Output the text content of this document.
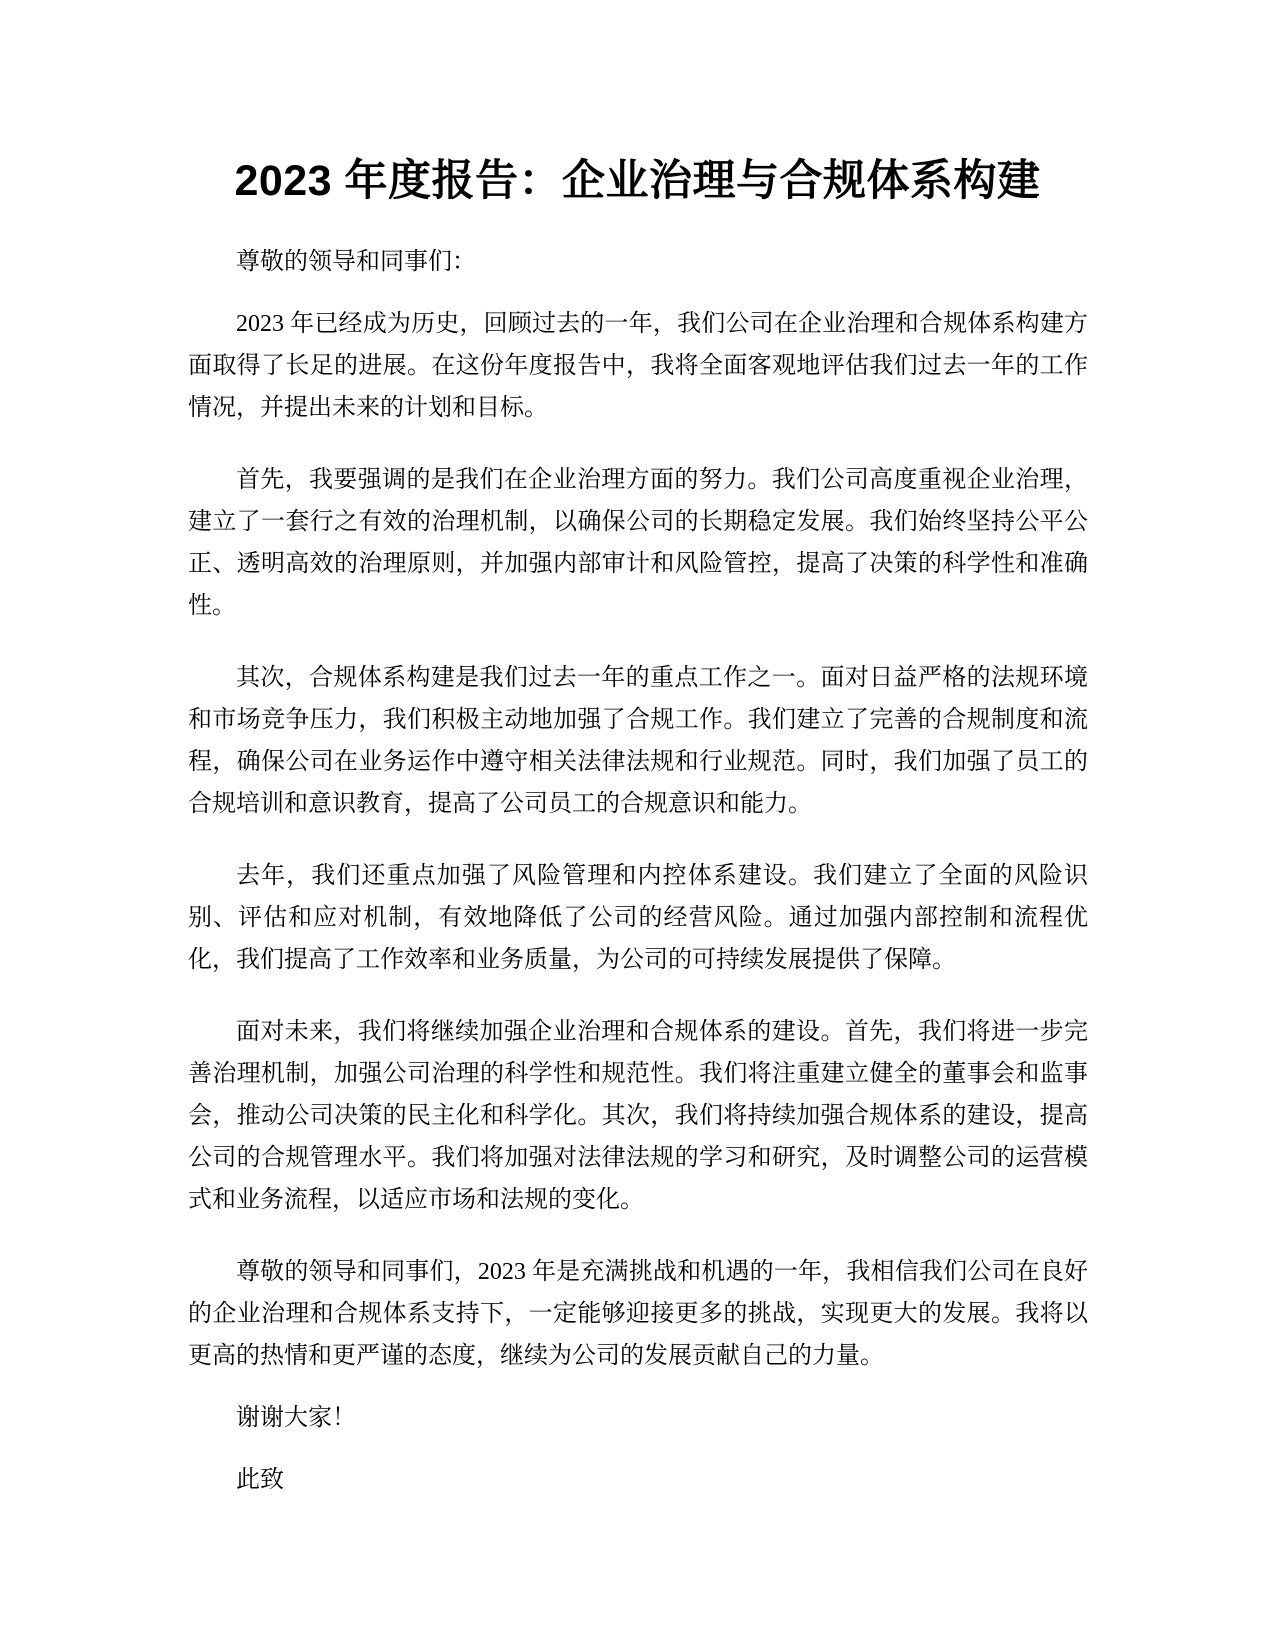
2023 年度报告：企业治理与合规体系构建

尊敬的领导和同事们：

2023 年已经成为历史，回顾过去的一年，我们公司在企业治理和合规体系构建方面取得了长足的进展。在这份年度报告中，我将全面客观地评估我们过去一年的工作情况，并提出未来的计划和目标。

首先，我要强调的是我们在企业治理方面的努力。我们公司高度重视企业治理，建立了一套行之有效的治理机制，以确保公司的长期稳定发展。我们始终坚持公平公正、透明高效的治理原则，并加强内部审计和风险管控，提高了决策的科学性和准确性。

其次，合规体系构建是我们过去一年的重点工作之一。面对日益严格的法规环境和市场竞争压力，我们积极主动地加强了合规工作。我们建立了完善的合规制度和流程，确保公司在业务运作中遵守相关法律法规和行业规范。同时，我们加强了员工的合规培训和意识教育，提高了公司员工的合规意识和能力。

去年，我们还重点加强了风险管理和内控体系建设。我们建立了全面的风险识别、评估和应对机制，有效地降低了公司的经营风险。通过加强内部控制和流程优化，我们提高了工作效率和业务质量，为公司的可持续发展提供了保障。

面对未来，我们将继续加强企业治理和合规体系的建设。首先，我们将进一步完善治理机制，加强公司治理的科学性和规范性。我们将注重建立健全的董事会和监事会，推动公司决策的民主化和科学化。其次，我们将持续加强合规体系的建设，提高公司的合规管理水平。我们将加强对法律法规的学习和研究，及时调整公司的运营模式和业务流程，以适应市场和法规的变化。

尊敬的领导和同事们，2023 年是充满挑战和机遇的一年，我相信我们公司在良好的企业治理和合规体系支持下，一定能够迎接更多的挑战，实现更大的发展。我将以更高的热情和更严谨的态度，继续为公司的发展贡献自己的力量。

谢谢大家！

此致
